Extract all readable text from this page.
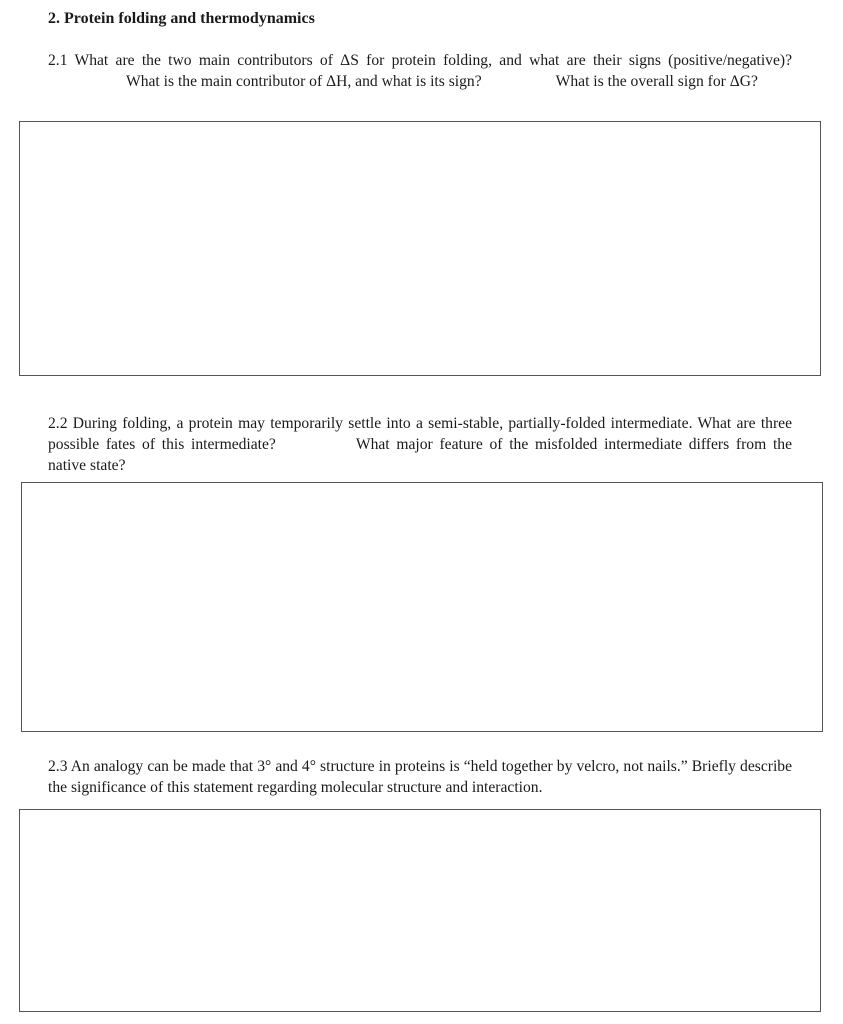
2. Protein folding and thermodynamics

2.1 What are the two main contributors of ΔS for protein folding, and what are their signs (positive/negative)?What is the main contributor of ΔH, and what is its sign?	What is the overall sign for ΔG?

2.2 During folding, a protein may temporarily settle into a semi-stable, partially-folded intermediate. What are three possible fates of this intermediate?	What major feature of the misfolded intermediate differs from the native state?

2.3 An analogy can be made that 3° and 4° structure in proteins is “held together by velcro, not nails.” Briefly describe the significance of this statement regarding molecular structure and interaction.
